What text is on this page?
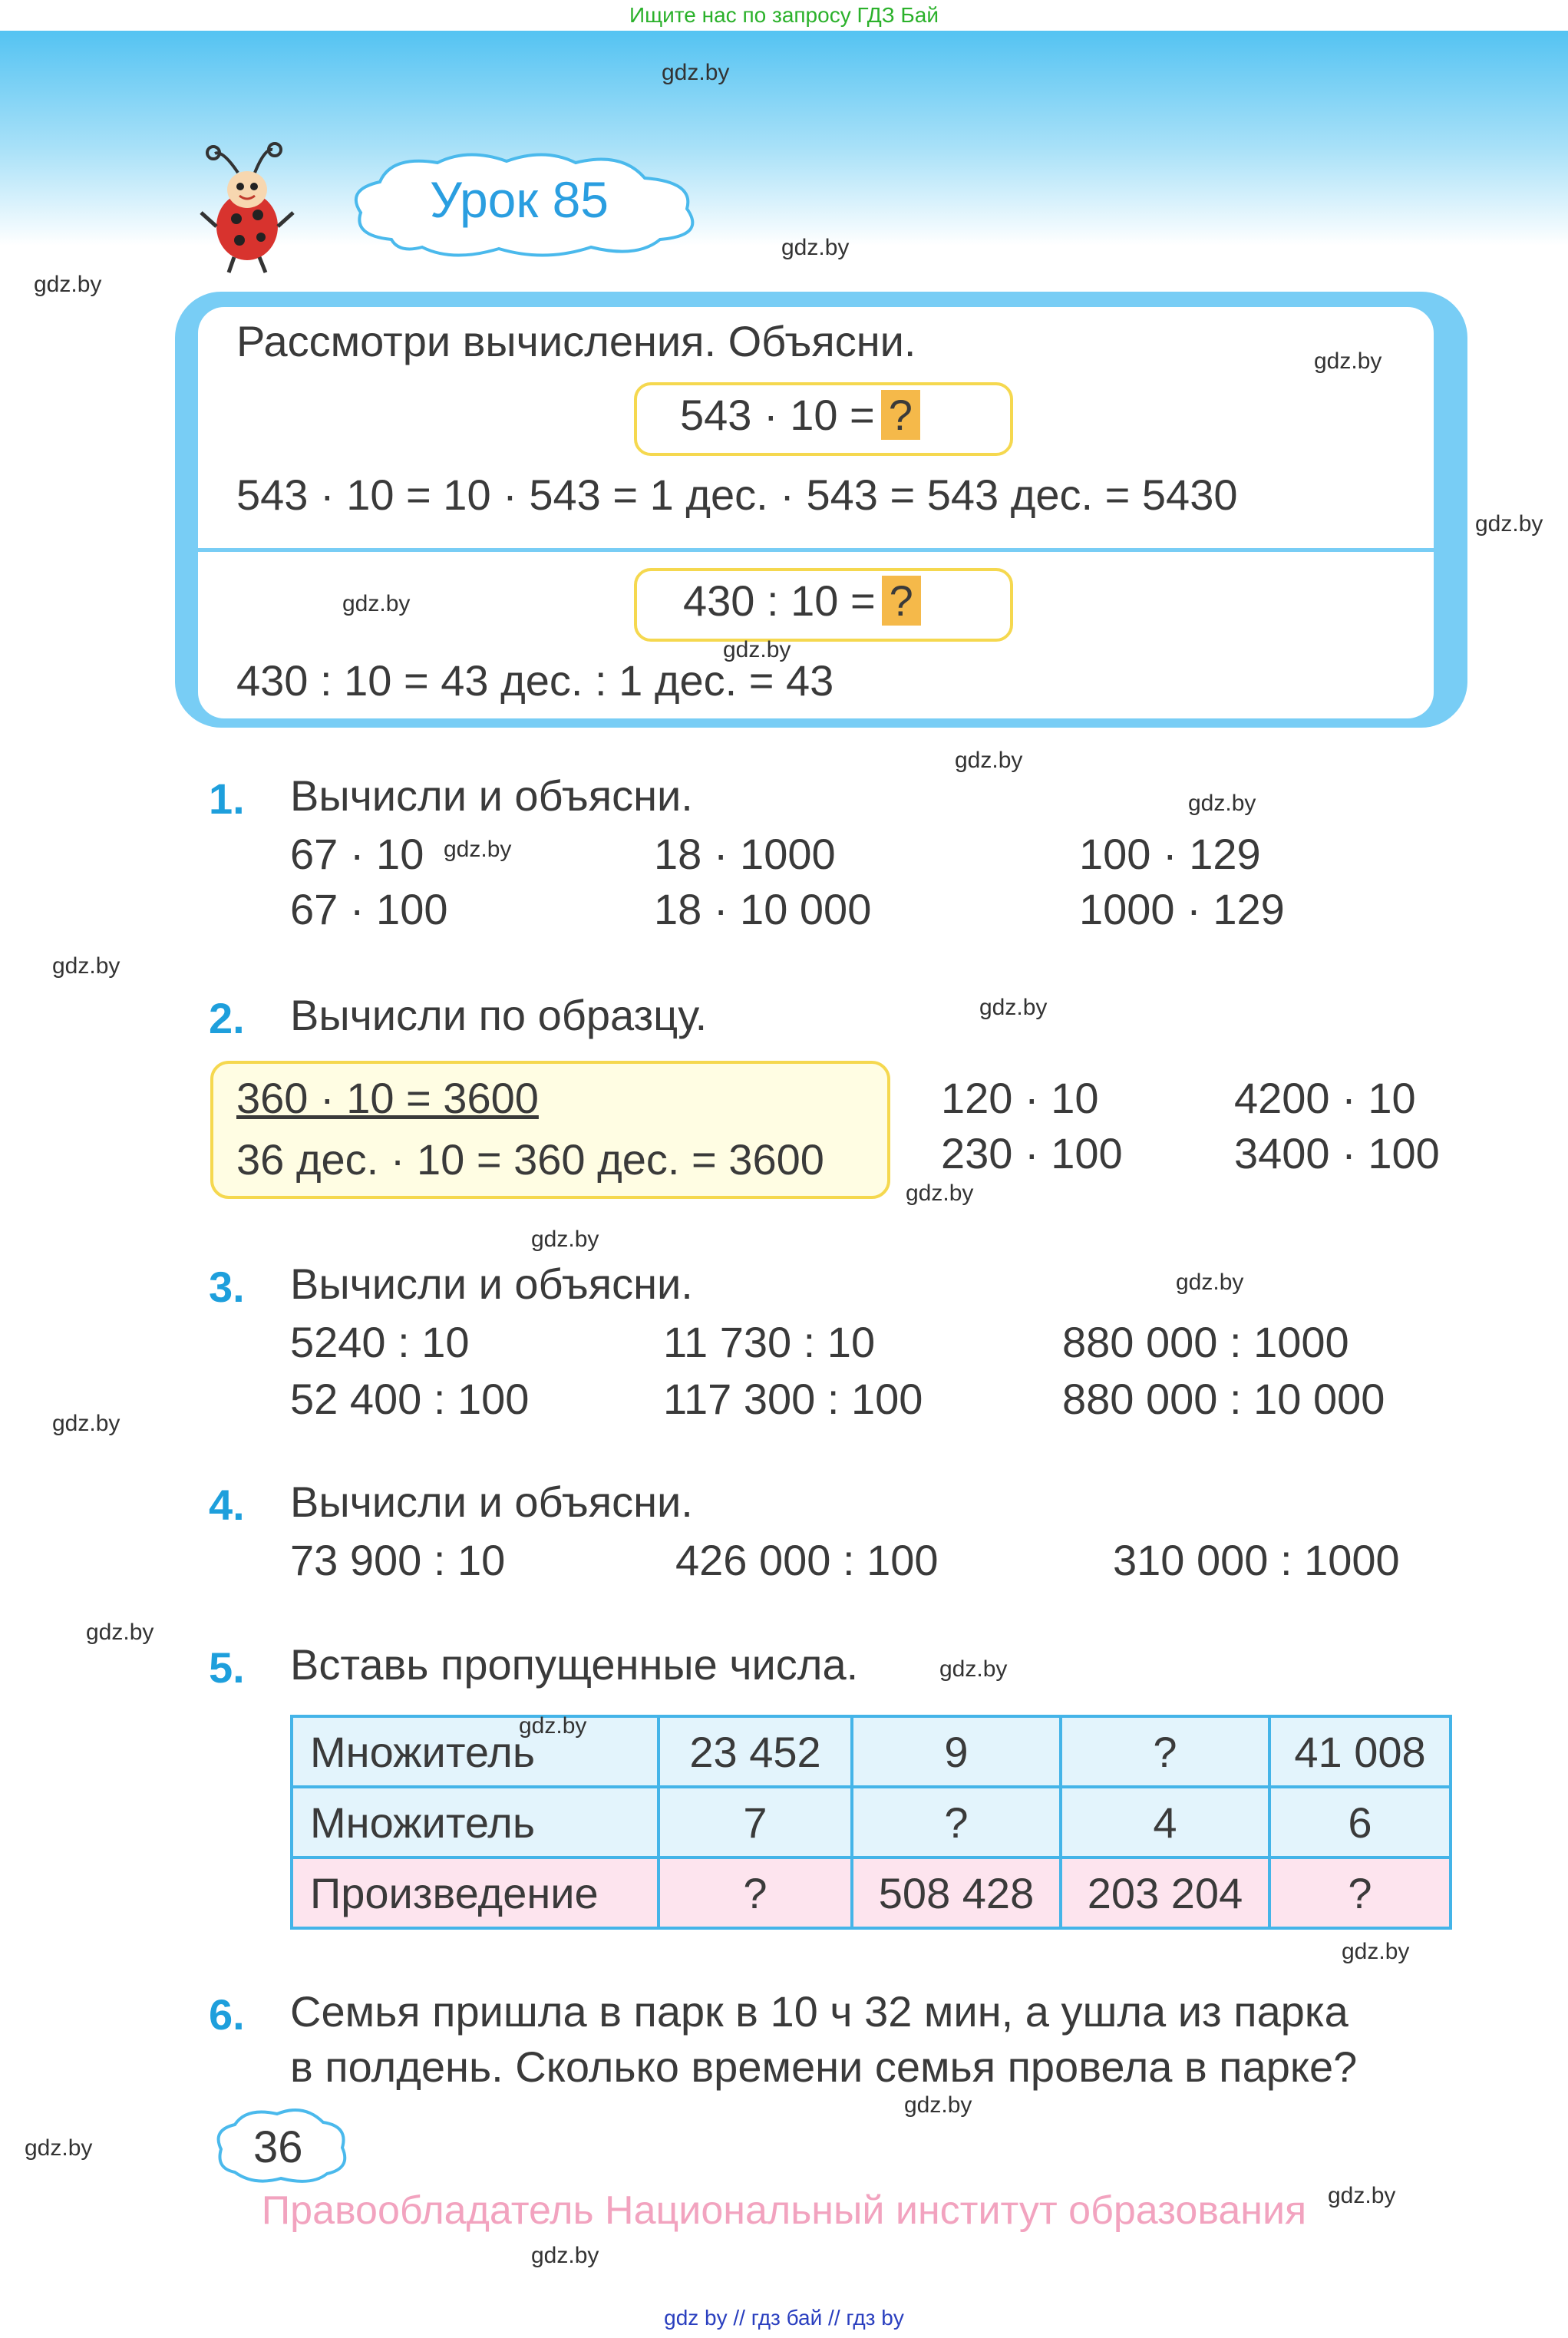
Ищите нас по запросу ГДЗ Бай
Урок 85
Рассмотри вычисления. Объясни.
543 · 10 = ?
543 · 10 = 10 · 543 = 1 дес. · 543 = 543 дес. = 5430
430 : 10 = ?
430 : 10 = 43 дес. : 1 дес. = 43
1. Вычисли и объясни.
67 · 10	18 · 1000	100 · 129
67 · 100	18 · 10 000	1000 · 129
2. Вычисли по образцу.
360 · 10 = 3600
36 дес. · 10 = 360 дес. = 3600
120 · 10	4200 · 10
230 · 100	3400 · 100
3. Вычисли и объясни.
5240 : 10	11 730 : 10	880 000 : 1000
52 400 : 100	117 300 : 100	880 000 : 10 000
4. Вычисли и объясни.
73 900 : 10	426 000 : 100	310 000 : 1000
5. Вставь пропущенные числа.
Множитель	23 452	9	?	41 008
Множитель	7	?	4	6
Произведение	?	508 428	203 204	?
6. Семья пришла в парк в 10 ч 32 мин, а ушла из парка
в полдень. Сколько времени семья провела в парке?
36
Правообладатель Национальный институт образования
gdz by // гдз бай // гдз by
gdz.by
gdz.by
gdz.by
gdz.by
gdz.by
gdz.by
gdz.by
gdz.by
gdz.by
gdz.by
gdz.by
gdz.by
gdz.by
gdz.by
gdz.by
gdz.by
gdz.by
gdz.by
gdz.by
gdz.by
gdz.by
gdz.by
gdz.by
gdz.by
